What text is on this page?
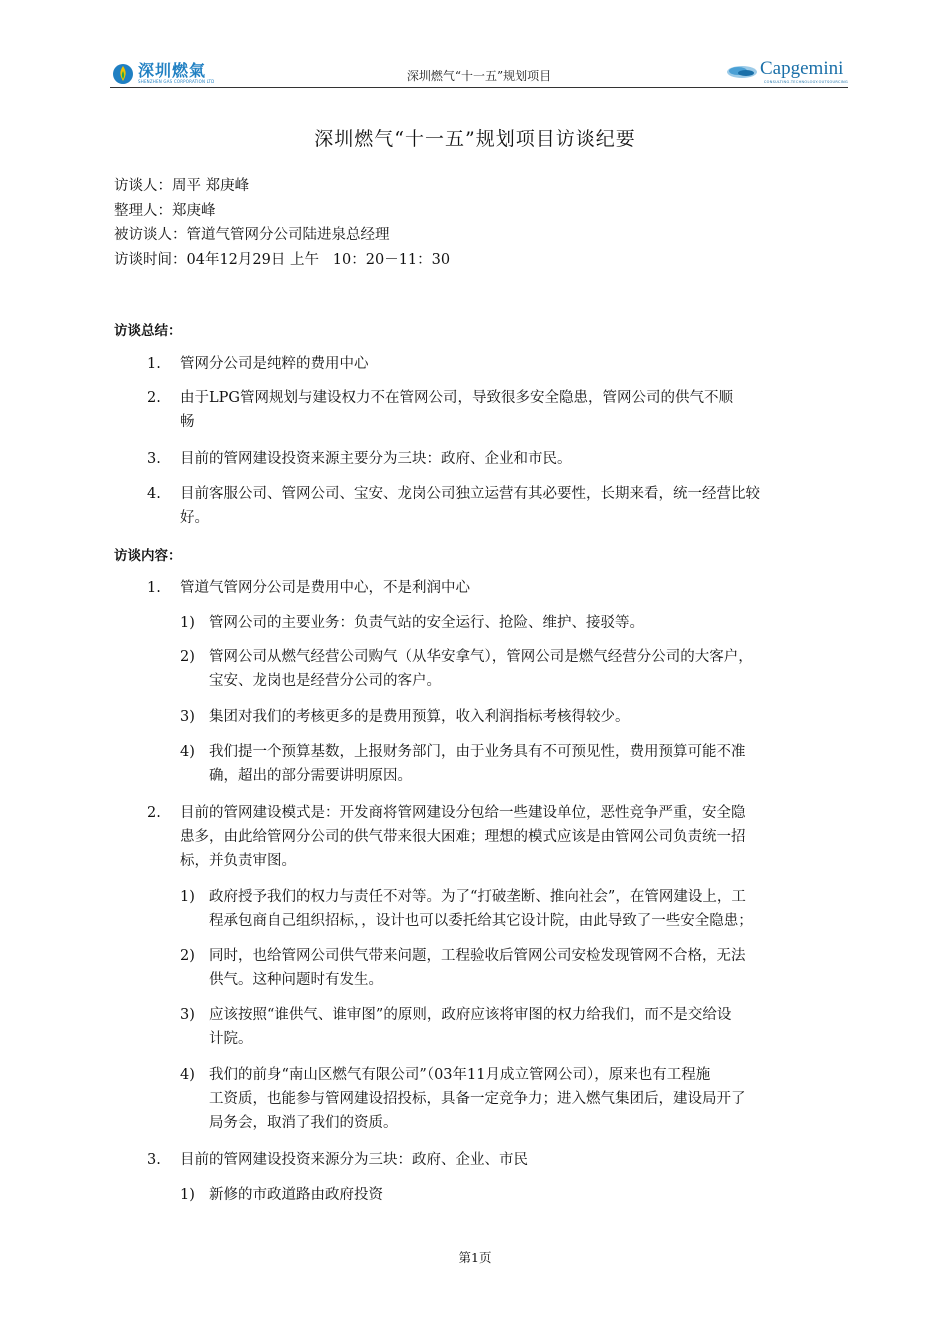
深圳燃氣
SHENZHEN GAS CORPORATION LTD	深圳燃气“十一五”规划项目	Capgemini
CONSULTING.TECHNOLOGY.OUTSOURCING
深圳燃气“十一五”规划项目访谈纪要
访谈人：周平 郑庚峰
整理人：郑庚峰
被访谈人：管道气管网分公司陆进泉总经理
访谈时间：04年12月29日 上午   10：20－11：30
访谈总结：
1. 管网分公司是纯粹的费用中心
2. 由于LPG管网规划与建设权力不在管网公司，导致很多安全隐患，管网公司的供气不顺
畅
3. 目前的管网建设投资来源主要分为三块：政府、企业和市民。
4. 目前客服公司、管网公司、宝安、龙岗公司独立运营有其必要性，长期来看，统一经营比较
好。
访谈内容：
1. 管道气管网分公司是费用中心，不是利润中心
1) 管网公司的主要业务：负责气站的安全运行、抢险、维护、接驳等。
2) 管网公司从燃气经营公司购气（从华安拿气），管网公司是燃气经营分公司的大客户，
宝安、龙岗也是经营分公司的客户。
3) 集团对我们的考核更多的是费用预算，收入利润指标考核得较少。
4) 我们提一个预算基数，上报财务部门，由于业务具有不可预见性，费用预算可能不准
确，超出的部分需要讲明原因。
2. 目前的管网建设模式是：开发商将管网建设分包给一些建设单位，恶性竞争严重，安全隐
患多，由此给管网分公司的供气带来很大困难；理想的模式应该是由管网公司负责统一招
标，并负责审图。
1) 政府授予我们的权力与责任不对等。为了“打破垄断、推向社会”，在管网建设上，工
程承包商自己组织招标，，设计也可以委托给其它设计院，由此导致了一些安全隐患；
2) 同时，也给管网公司供气带来问题，工程验收后管网公司安检发现管网不合格，无法
供气。这种问题时有发生。
3) 应该按照“谁供气、谁审图”的原则，政府应该将审图的权力给我们，而不是交给设
计院。
4) 我们的前身“南山区燃气有限公司”（03年11月成立管网公司），原来也有工程施
工资质，也能参与管网建设招投标，具备一定竞争力；进入燃气集团后，建设局开了
局务会，取消了我们的资质。
3. 目前的管网建设投资来源分为三块：政府、企业、市民
1) 新修的市政道路由政府投资
第1页
